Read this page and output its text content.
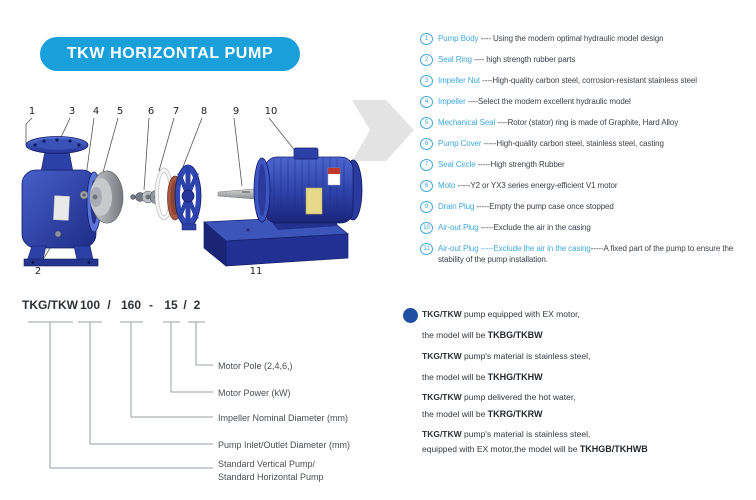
TKW HORIZONTAL PUMP
1	3 4 5 6 7 8	9	10
2	11
1	Pump Body ---- Using the modern optimal hydraulic model design
2	Seal Ring ---- high strength rubber parts
3	Impeller Nut ----High-quality carbon steel, corrosion-resistant stainless steel
4	Impeller ----Select the modern excellent hydraulic model
5	Mechanical Seal ----Rotor (stator) ring is made of Graphite, Hard Alloy
6	Pump Cover -----High-quality carbon steel, stainless steel, casting
7	Seal Circle -----High strength Rubber
8	Moto -----Y2 or YX3 series energy-efficient V1 motor
9	Drain Plug -----Empty the pump case once stopped
10 Air-out Plug -----Exclude the air in the casing
11	Air-out Plug -----Exclude the air in the casing-----A fixed part of the pump to ensure the stability of the pump installation.
TKG/TKW 100 / 160 - 15 / 2
Motor Pole (2,4,6,)
Motor Power (kW)
Impeller Nominal Diameter (mm)
Pump Inlet/Outlet Diameter (mm)
Standard Vertical Pump/
Standard Horizontal Pump
TKG/TKW pump equipped with EX motor,
the model will be TKBG/TKBW
TKG/TKW pump's material is stainless steel,
the model will be TKHG/TKHW
TKG/TKW pump delivered the hot water,
the model will be TKRG/TKRW
TKG/TKW pump's material is stainless steel,
equipped with EX motor,the model will be TKHGB/TKHWB
